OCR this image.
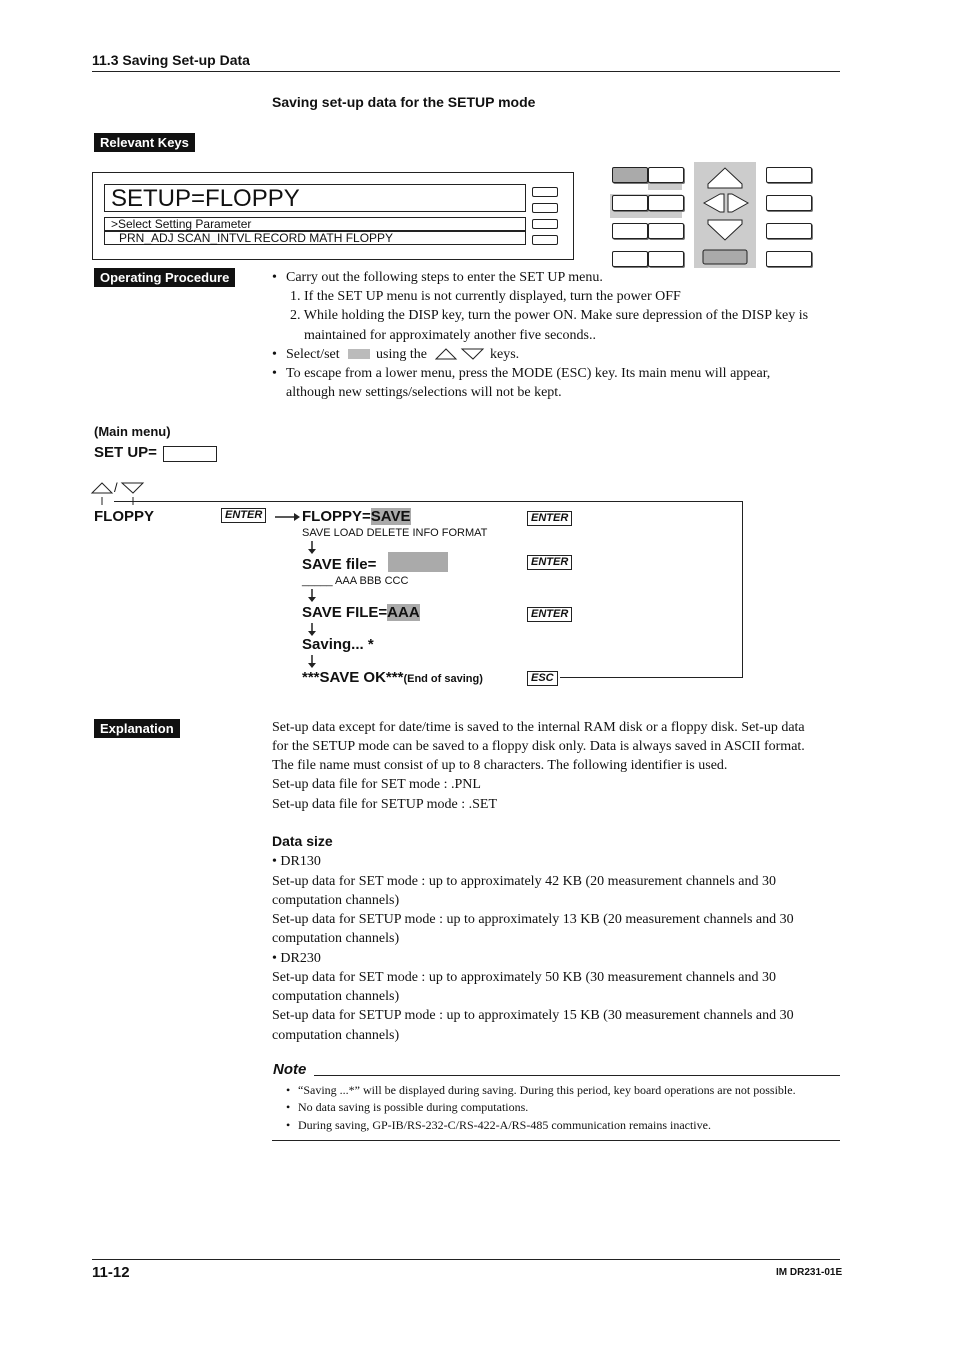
11.3 Saving Set-up Data
Saving set-up data for the SETUP mode
Relevant Keys
SETUP=FLOPPY
>Select Setting Parameter
PRN_ADJ SCAN_INTVL RECORD MATH FLOPPY
Operating Procedure	• Carry out the following steps to enter the SET UP menu.
1. If the SET UP menu is not currently displayed, turn the power OFF
2. While holding the DISP key, turn the power ON. Make sure depression of the DISP key is
maintained for approximately another five seconds..
• Select/set	using the	keys.
• To escape from a lower menu, press the MODE (ESC) key. Its main menu will appear,
although new settings/selections will not be kept.
(Main menu)
SET UP=
/
FLOPPY	ENTER	FLOPPY=SAVE
SAVE LOAD DELETE INFO FORMAT
ENTER
SAVE file=
_____ AAA BBB CCC
ENTER
SAVE FILE=AAA	ENTER
Saving... *
***SAVE OK***(End of saving)	ESC
Explanation	Set-up data except for date/time is saved to the internal RAM disk or a floppy disk. Set-up data
for the SETUP mode can be saved to a floppy disk only. Data is always saved in ASCII format.
The file name must consist of up to 8 characters. The following identifier is used.
Set-up data file for SET mode : .PNL
Set-up data file for SETUP mode : .SET
Data size
• DR130
Set-up data for SET mode : up to approximately 42 KB (20 measurement channels and 30
computation channels)
Set-up data for SETUP mode : up to approximately 13 KB (20 measurement channels and 30
computation channels)
• DR230
Set-up data for SET mode : up to approximately 50 KB (30 measurement channels and 30
computation channels)
Set-up data for SETUP mode : up to approximately 15 KB (30 measurement channels and 30
computation channels)
Note
• “Saving ...*” will be displayed during saving. During this period, key board operations are not possible.
• No data saving is possible during computations.
• During saving, GP-IB/RS-232-C/RS-422-A/RS-485 communication remains inactive.
11-12	IM DR231-01E
